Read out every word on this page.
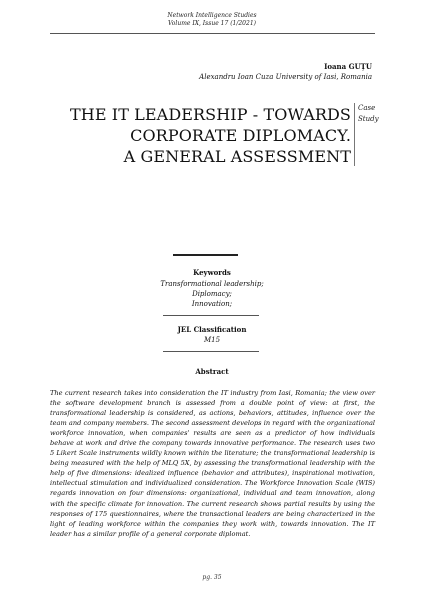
Network Intelligence Studies
Volume IX, Issue 17 (1/2021)
Ioana GUȚU
Alexandru Ioan Cuza University of Iasi, Romania
THE IT LEADERSHIP - TOWARDS
CORPORATE DIPLOMACY.
A GENERAL ASSESSMENT
Case
Study
Keywords
Transformational leadership;
Diplomacy;
Innovation;
JEL Classification
M15
Abstract
The current research takes into consideration the IT industry from Iasi, Romania; the view over the software development branch is assessed from a double point of view: at first, the transformational leadership is considered, as actions, behaviors, attitudes, influence over the team and company members. The second assessment develops in regard with the organizational workforce innovation, when companies' results are seen as a predictor of how individuals behave at work and drive the company towards innovative performance. The research uses two 5 Likert Scale instruments wildly known within the literature; the transformational leadership is being measured with the help of MLQ 5X, by assessing the transformational leadership with the help of five dimensions: idealized influence (behavior and attributes), inspirational motivation, intellectual stimulation and individualized consideration. The Workforce Innovation Scale (WIS) regards innovation on four dimensions: organizational, individual and team innovation, along with the specific climate for innovation. The current research shows partial results by using the responses of 175 questionnaires, where the transactional leaders are being characterized in the light of leading workforce within the companies they work with, towards innovation. The IT leader has a similar profile of a general corporate diplomat.
pg. 35
